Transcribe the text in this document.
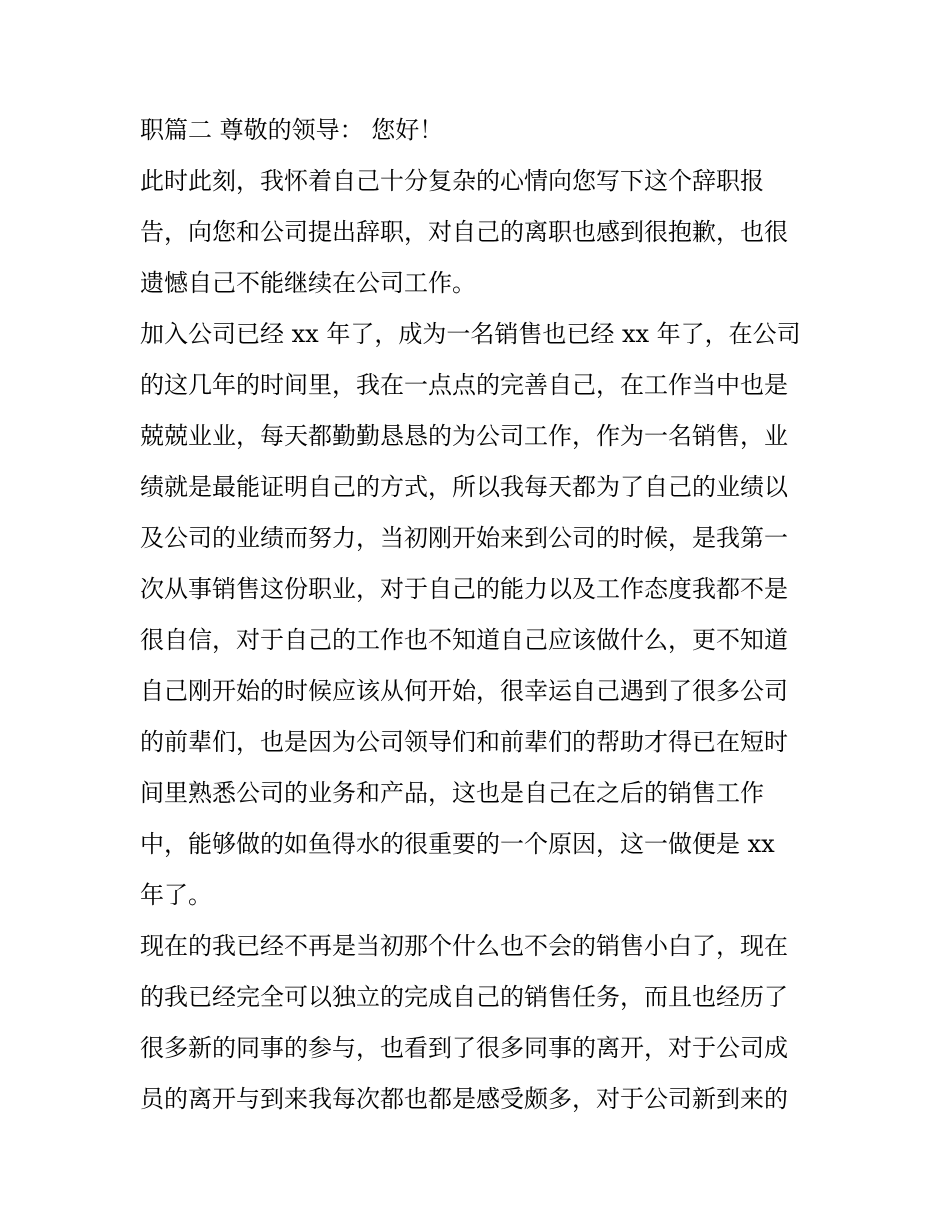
职篇二 尊敬的领导： 您好！
此时此刻，我怀着自己十分复杂的心情向您写下这个辞职报
告，向您和公司提出辞职，对自己的离职也感到很抱歉，也很
遗憾自己不能继续在公司工作。
加入公司已经 xx 年了，成为一名销售也已经 xx 年了，在公司
的这几年的时间里，我在一点点的完善自己，在工作当中也是
兢兢业业，每天都勤勤恳恳的为公司工作，作为一名销售，业
绩就是最能证明自己的方式，所以我每天都为了自己的业绩以
及公司的业绩而努力，当初刚开始来到公司的时候，是我第一
次从事销售这份职业，对于自己的能力以及工作态度我都不是
很自信，对于自己的工作也不知道自己应该做什么，更不知道
自己刚开始的时候应该从何开始，很幸运自己遇到了很多公司
的前辈们，也是因为公司领导们和前辈们的帮助才得已在短时
间里熟悉公司的业务和产品，这也是自己在之后的销售工作
中，能够做的如鱼得水的很重要的一个原因，这一做便是 xx
年了。
现在的我已经不再是当初那个什么也不会的销售小白了，现在
的我已经完全可以独立的完成自己的销售任务，而且也经历了
很多新的同事的参与，也看到了很多同事的离开，对于公司成
员的离开与到来我每次都也都是感受颇多，对于公司新到来的
